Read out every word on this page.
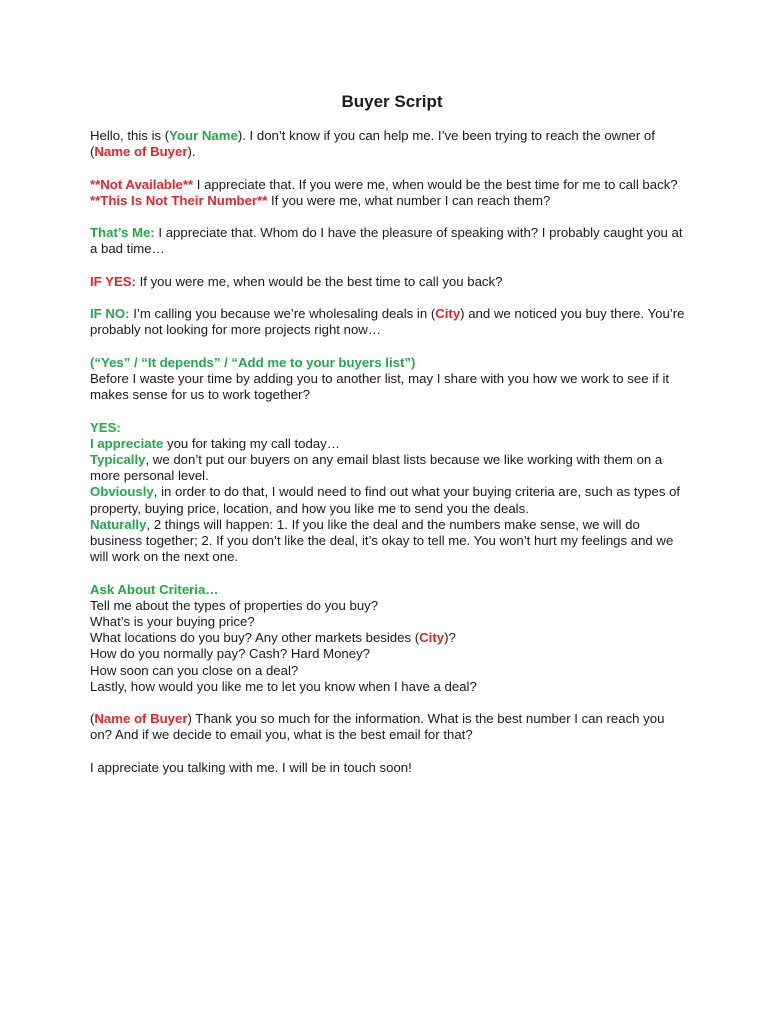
Buyer Script
Hello, this is (Your Name). I don’t know if you can help me. I’ve been trying to reach the owner of (Name of Buyer).
**Not Available** I appreciate that. If you were me, when would be the best time for me to call back?
**This Is Not Their Number** If you were me, what number I can reach them?
That’s Me: I appreciate that. Whom do I have the pleasure of speaking with? I probably caught you at a bad time…
IF YES: If you were me, when would be the best time to call you back?
IF NO: I’m calling you because we’re wholesaling deals in (City) and we noticed you buy there. You’re probably not looking for more projects right now…
(“Yes” / “It depends” / “Add me to your buyers list”)
Before I waste your time by adding you to another list, may I share with you how we work to see if it makes sense for us to work together?
YES:
I appreciate you for taking my call today…
Typically, we don’t put our buyers on any email blast lists because we like working with them on a more personal level.
Obviously, in order to do that, I would need to find out what your buying criteria are, such as types of property, buying price, location, and how you like me to send you the deals.
Naturally, 2 things will happen: 1. If you like the deal and the numbers make sense, we will do business together; 2. If you don’t like the deal, it’s okay to tell me. You won’t hurt my feelings and we will work on the next one.
Ask About Criteria…
Tell me about the types of properties do you buy?
What’s is your buying price?
What locations do you buy? Any other markets besides (City)?
How do you normally pay? Cash? Hard Money?
How soon can you close on a deal?
Lastly, how would you like me to let you know when I have a deal?
(Name of Buyer) Thank you so much for the information. What is the best number I can reach you on? And if we decide to email you, what is the best email for that?
I appreciate you talking with me. I will be in touch soon!
